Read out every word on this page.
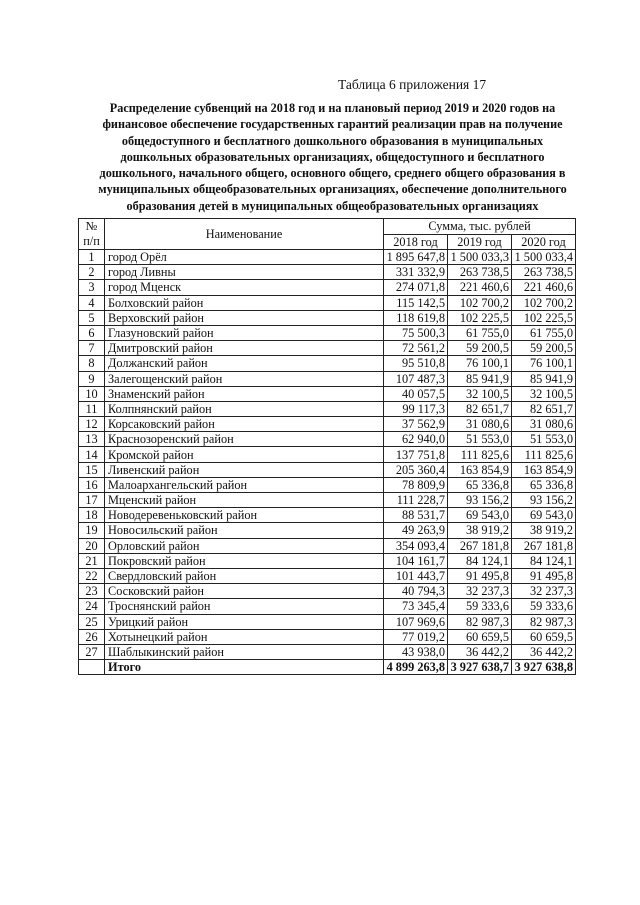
Таблица 6 приложения 17
Распределение субвенций на 2018 год и на плановый период 2019 и 2020 годов на
финансовое обеспечение государственных гарантий реализации прав на получение
общедоступного и бесплатного дошкольного образования в муниципальных
дошкольных образовательных организациях, общедоступного и бесплатного
дошкольного, начального общего, основного общего, среднего общего образования в
муниципальных общеобразовательных организациях, обеспечение дополнительного
образования детей в муниципальных общеобразовательных организациях
№
п/п	Наименование	Сумма, тыс. рублей		
		2018 год	2019 год	2020 год
1	город Орёл	1 895 647,8	1 500 033,3	1 500 033,4
2	город Ливны	331 332,9	263 738,5	263 738,5
3	город Мценск	274 071,8	221 460,6	221 460,6
4	Болховский район	115 142,5	102 700,2	102 700,2
5	Верховский район	118 619,8	102 225,5	102 225,5
6	Глазуновский район	75 500,3	61 755,0	61 755,0
7	Дмитровский район	72 561,2	59 200,5	59 200,5
8	Должанский район	95 510,8	76 100,1	76 100,1
9	Залегощенский район	107 487,3	85 941,9	85 941,9
10	Знаменский район	40 057,5	32 100,5	32 100,5
11	Колпнянский район	99 117,3	82 651,7	82 651,7
12	Корсаковский район	37 562,9	31 080,6	31 080,6
13	Краснозоренский район	62 940,0	51 553,0	51 553,0
14	Кромской район	137 751,8	111 825,6	111 825,6
15	Ливенский район	205 360,4	163 854,9	163 854,9
16	Малоархангельский район	78 809,9	65 336,8	65 336,8
17	Мценский район	111 228,7	93 156,2	93 156,2
18	Новодеревеньковский район	88 531,7	69 543,0	69 543,0
19	Новосильский район	49 263,9	38 919,2	38 919,2
20	Орловский район	354 093,4	267 181,8	267 181,8
21	Покровский район	104 161,7	84 124,1	84 124,1
22	Свердловский район	101 443,7	91 495,8	91 495,8
23	Сосковский район	40 794,3	32 237,3	32 237,3
24	Троснянский район	73 345,4	59 333,6	59 333,6
25	Урицкий район	107 969,6	82 987,3	82 987,3
26	Хотынецкий район	77 019,2	60 659,5	60 659,5
27	Шаблыкинский район	43 938,0	36 442,2	36 442,2
	Итого	4 899 263,8	3 927 638,7	3 927 638,8
